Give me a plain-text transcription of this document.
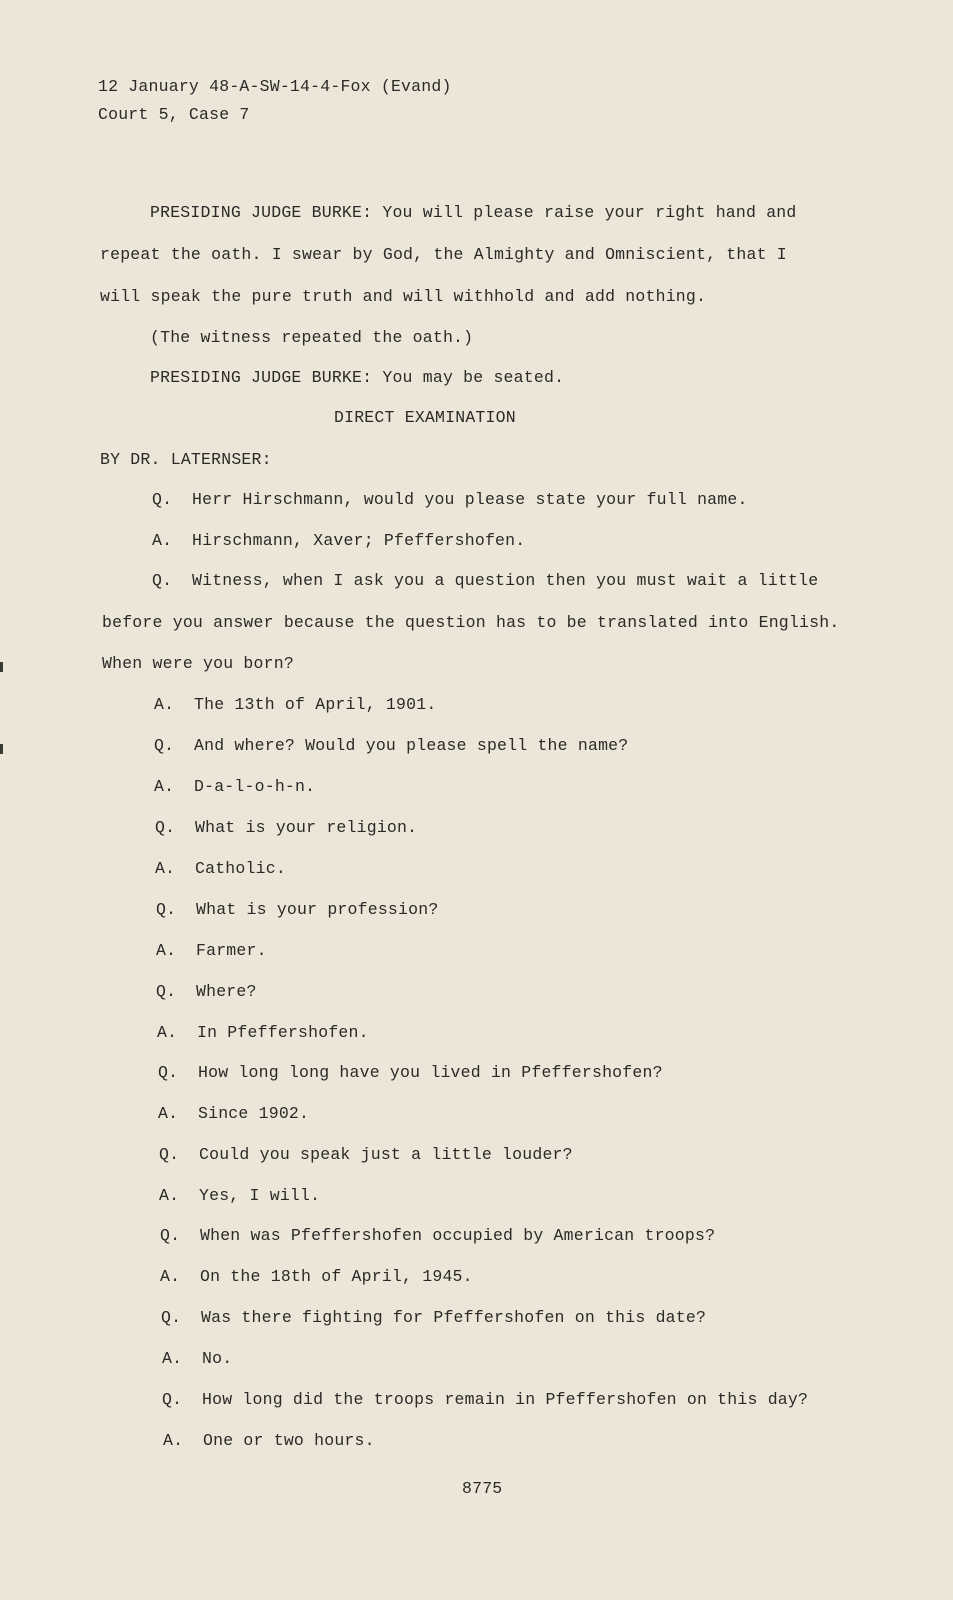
12 January 48-A-SW-14-4-Fox (Evand)
Court 5, Case 7
PRESIDING JUDGE BURKE: You will please raise your right hand and
repeat the oath. I swear by God, the Almighty and Omniscient, that I
will speak the pure truth and will withhold and add nothing.
(The witness repeated the oath.)
PRESIDING JUDGE BURKE: You may be seated.
DIRECT EXAMINATION
BY DR. LATERNSER:
Q. Herr Hirschmann, would you please state your full name.
A. Hirschmann, Xaver; Pfeffershofen.
Q. Witness, when I ask you a question then you must wait a little
before you answer because the question has to be translated into English.
When were you born?
A. The 13th of April, 1901.
Q. And where? Would you please spell the name?
A. D-a-l-o-h-n.
Q. What is your religion.
A. Catholic.
Q. What is your profession?
A. Farmer.
Q. Where?
A. In Pfeffershofen.
Q. How long long have you lived in Pfeffershofen?
A. Since 1902.
Q. Could you speak just a little louder?
A. Yes, I will.
Q. When was Pfeffershofen occupied by American troops?
A. On the 18th of April, 1945.
Q. Was there fighting for Pfeffershofen on this date?
A. No.
Q. How long did the troops remain in Pfeffershofen on this day?
A. One or two hours.
8775
